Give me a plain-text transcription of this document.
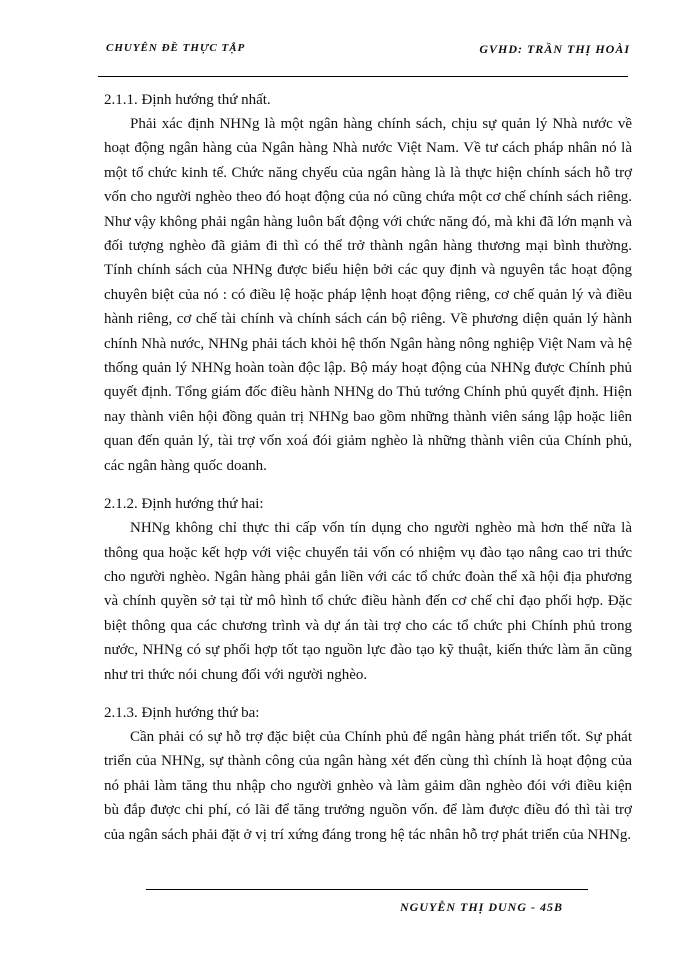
CHUYÊN ĐỀ THỰC TẬP	GVHD: TRẦN THỊ HOÀI

2.1.1. Định hướng thứ nhất.

Phải xác định NHNg là một ngân hàng chính sách, chịu sự quản lý Nhà nước về hoạt động ngân hàng của Ngân hàng Nhà nước Việt Nam. Về tư cách pháp nhân nó là một tổ chức kinh tế. Chức năng chyếu của ngân hàng là là thực hiện chính sách hỗ trợ vốn cho người nghèo theo đó hoạt động của nó cũng chứa một cơ chế chính sách riêng. Như vậy không phải ngân hàng luôn bất động với chức năng đó, mà khi đã lớn mạnh và đối tượng nghèo đã giảm đi thì có thể trở thành ngân hàng thương mại bình thường. Tính chính sách của NHNg được biểu hiện bởi các quy định và nguyên tắc hoạt động chuyên biệt của nó : có điều lệ hoặc pháp lệnh hoạt động riêng, cơ chế quản lý và điều hành riêng, cơ chế tài chính và chính sách cán bộ riêng. Về phương diện quản lý hành chính Nhà nước, NHNg phải tách khỏi hệ thốn Ngân hàng nông nghiệp Việt Nam và hệ thống quản lý NHNg hoàn toàn độc lập. Bộ máy hoạt động của NHNg được Chính phủ quyết định. Tổng giám đốc điều hành NHNg do Thủ tướng Chính phủ quyết định. Hiện nay thành viên hội đồng quản trị NHNg bao gồm những thành viên sáng lập hoặc liên quan đến quản lý, tài trợ vốn xoá đói giảm nghèo là những thành viên của Chính phủ, các ngân hàng quốc doanh.

2.1.2. Định hướng thứ hai:

NHNg không chỉ thực thi cấp vốn tín dụng cho người nghèo mà hơn thế nữa là thông qua hoặc kết hợp với việc chuyển tải vốn có nhiệm vụ đào tạo nâng cao tri thức cho người nghèo. Ngân hàng phải gắn liền với các tổ chức đoàn thể xã hội địa phương và chính quyền sở tại từ mô hình tổ chức điều hành đến cơ chế chỉ đạo phối hợp. Đặc biệt thông qua các chương trình và dự án tài trợ cho các tổ chức phi Chính phủ trong nước, NHNg có sự phối hợp tốt tạo nguồn lực đào tạo kỹ thuật, kiến thức làm ăn cũng như tri thức nói chung đối với người nghèo.

2.1.3. Định hướng thứ ba:

Cần phải có sự hỗ trợ đặc biệt của Chính phủ để ngân hàng phát triển tốt. Sự phát triển của NHNg, sự thành công của ngân hàng xét đến cùng thì chính là hoạt động của nó phải làm tăng thu nhập cho người gnhèo và làm gảim dần nghèo đói với điều kiện bù đắp được chi phí, có lãi để tăng trưởng nguồn vốn. để làm được điều đó thì tài trợ của ngân sách phải đặt ở vị trí xứng đáng trong hệ tác nhân hỗ trợ phát triển của NHNg.

NGUYỄN THỊ DUNG - 45B
